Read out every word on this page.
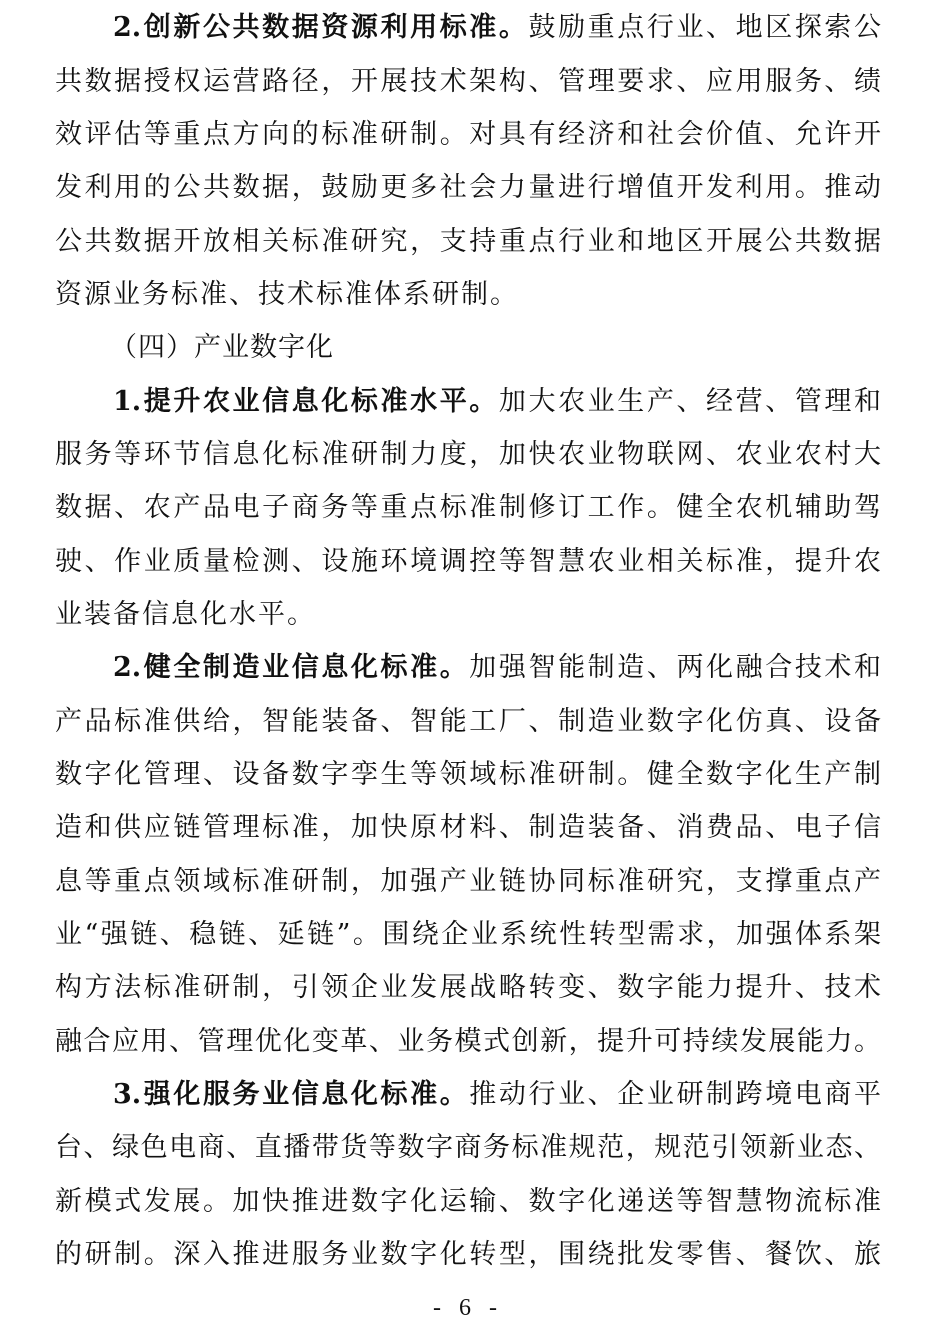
2.创新公共数据资源利用标准。鼓励重点行业、地区探索公
共数据授权运营路径，开展技术架构、管理要求、应用服务、绩
效评估等重点方向的标准研制。对具有经济和社会价值、允许开
发利用的公共数据，鼓励更多社会力量进行增值开发利用。推动
公共数据开放相关标准研究，支持重点行业和地区开展公共数据
资源业务标准、技术标准体系研制。
（四）产业数字化
1.提升农业信息化标准水平。加大农业生产、经营、管理和
服务等环节信息化标准研制力度，加快农业物联网、农业农村大
数据、农产品电子商务等重点标准制修订工作。健全农机辅助驾
驶、作业质量检测、设施环境调控等智慧农业相关标准，提升农
业装备信息化水平。
2.健全制造业信息化标准。加强智能制造、两化融合技术和
产品标准供给，智能装备、智能工厂、制造业数字化仿真、设备
数字化管理、设备数字孪生等领域标准研制。健全数字化生产制
造和供应链管理标准，加快原材料、制造装备、消费品、电子信
息等重点领域标准研制，加强产业链协同标准研究，支撑重点产
业“强链、稳链、延链”。围绕企业系统性转型需求，加强体系架
构方法标准研制，引领企业发展战略转变、数字能力提升、技术
融合应用、管理优化变革、业务模式创新，提升可持续发展能力。
3.强化服务业信息化标准。推动行业、企业研制跨境电商平
台、绿色电商、直播带货等数字商务标准规范，规范引领新业态、
新模式发展。加快推进数字化运输、数字化递送等智慧物流标准
的研制。深入推进服务业数字化转型，围绕批发零售、餐饮、旅
- 6 -
